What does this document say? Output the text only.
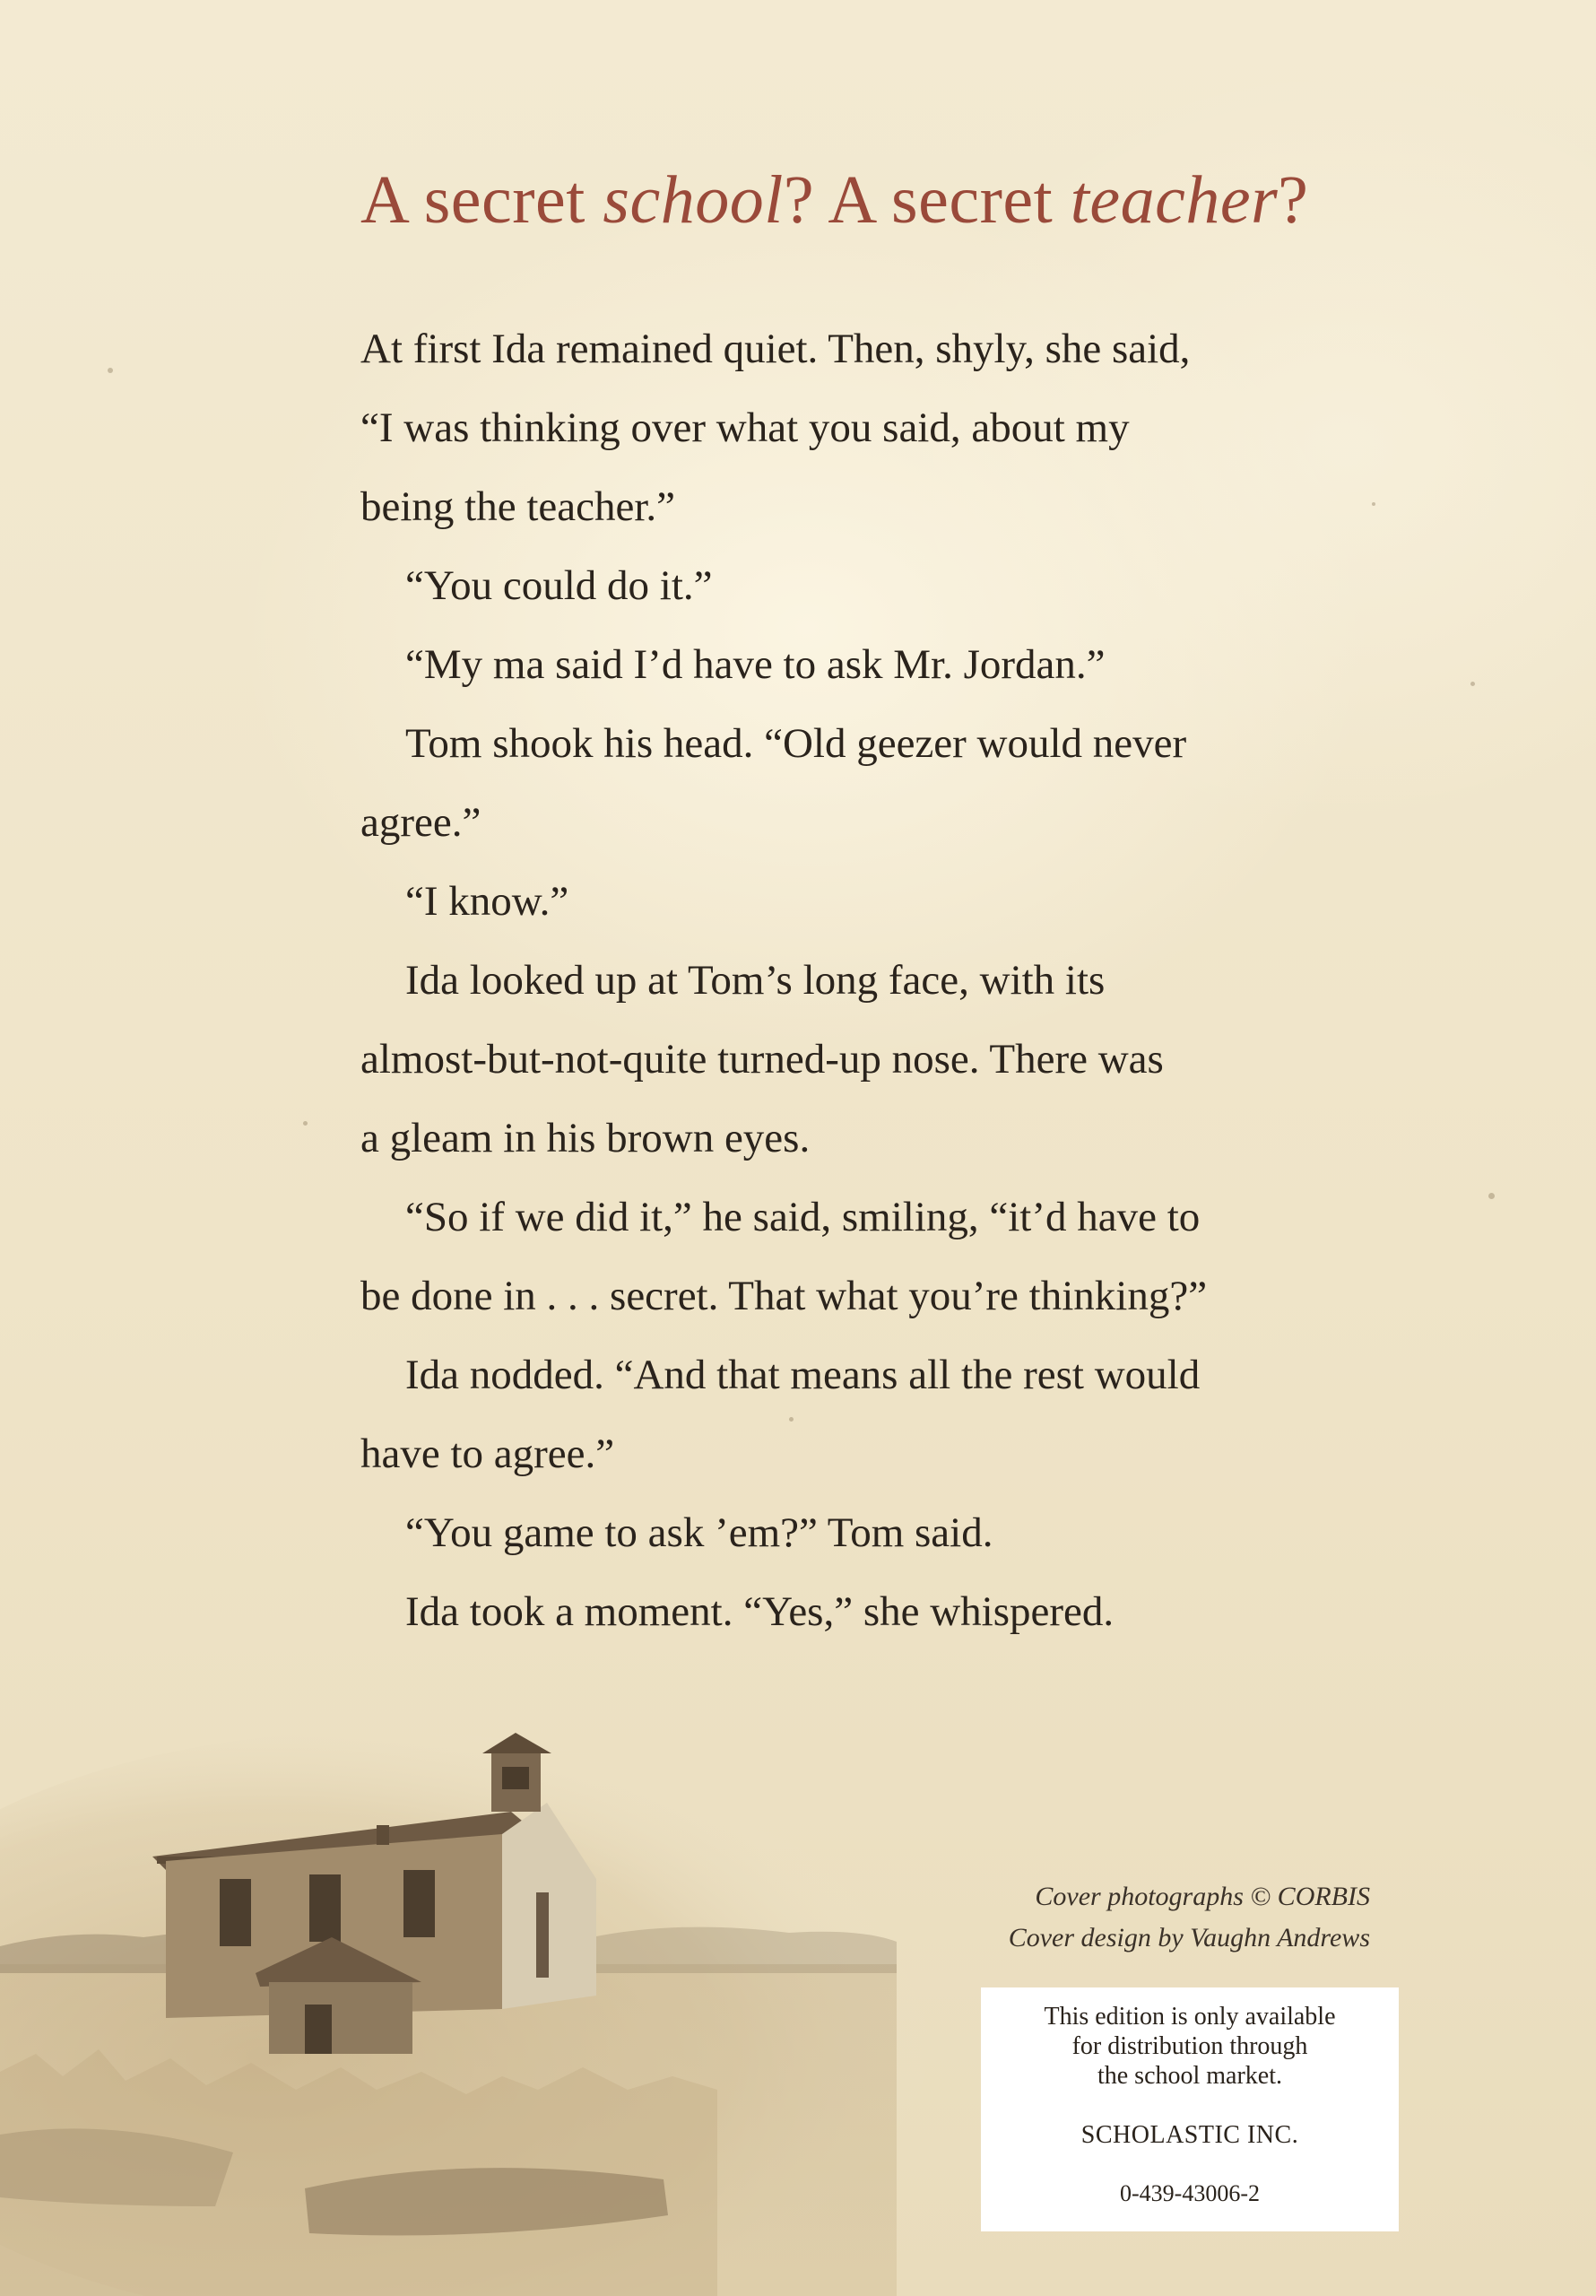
A secret school? A secret teacher?

At first Ida remained quiet. Then, shyly, she said,

“I was thinking over what you said, about my

being the teacher.”

“You could do it.”

“My ma said I’d have to ask Mr. Jordan.”

Tom shook his head. “Old geezer would never

agree.”

“I know.”

Ida looked up at Tom’s long face, with its

almost-but-not-quite turned-up nose. There was

a gleam in his brown eyes.

“So if we did it,” he said, smiling, “it’d have to

be done in . . . secret. That what you’re thinking?”

Ida nodded. “And that means all the rest would

have to agree.”

“You game to ask ’em?” Tom said.

Ida took a moment. “Yes,” she whispered.

Cover photographs © CORBIS
Cover design by Vaughn Andrews
This edition is only available
for distribution through
the school market.
SCHOLASTIC INC.
0-439-43006-2
